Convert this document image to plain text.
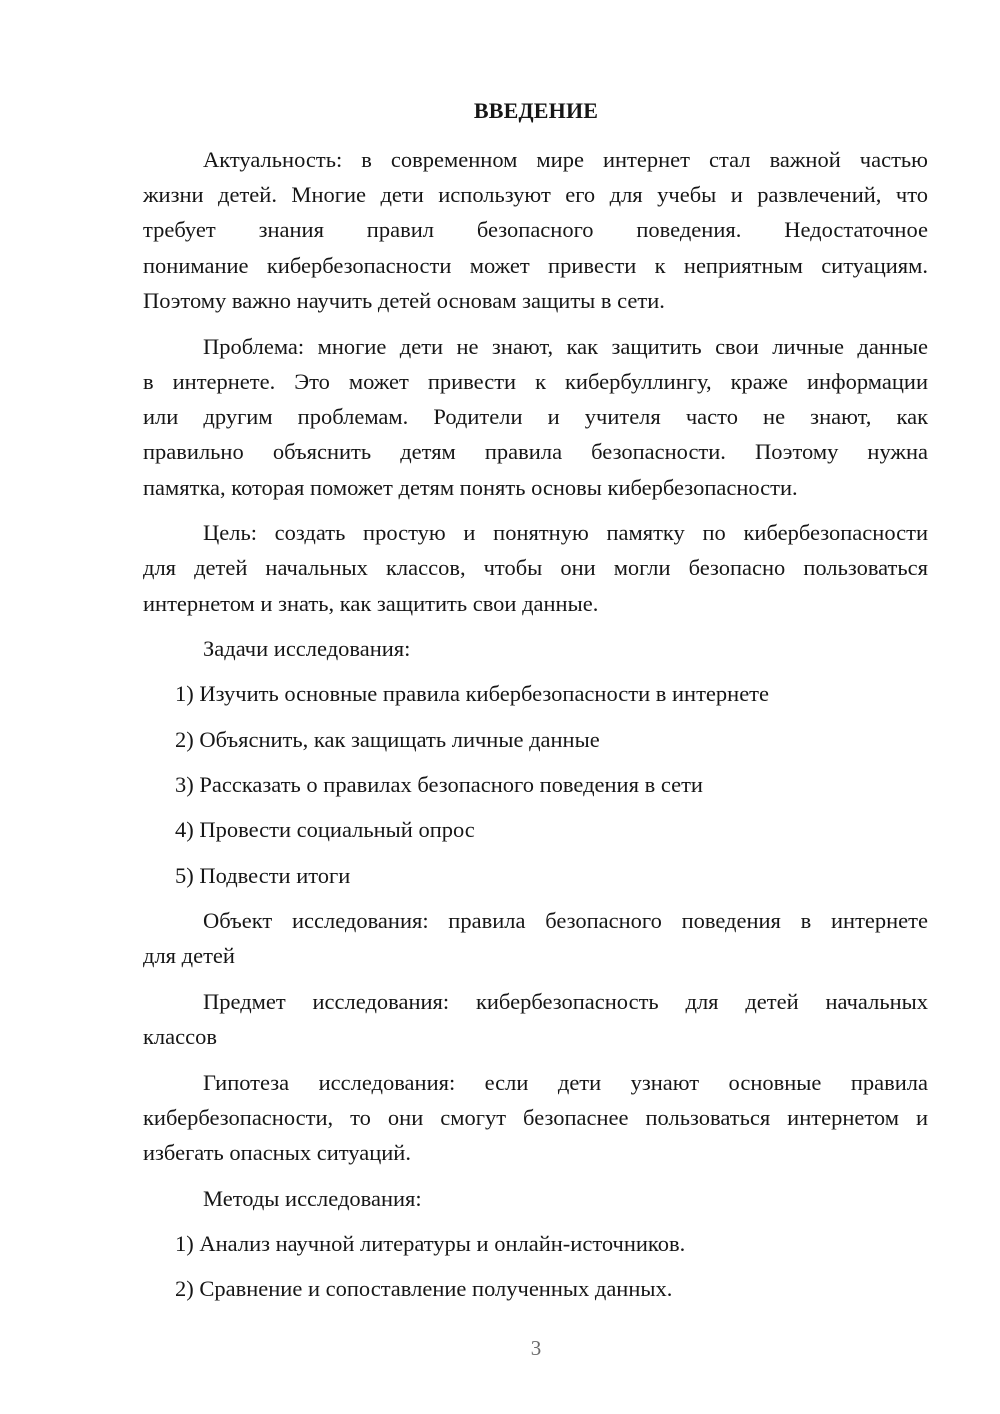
ВВЕДЕНИЕ
Актуальность: в современном мире интернет стал важной частью
жизни детей. Многие дети используют его для учебы и развлечений, что
требует знания правил безопасного поведения. Недостаточное
понимание кибербезопасности может привести к неприятным ситуациям.
Поэтому важно научить детей основам защиты в сети.
Проблема: многие дети не знают, как защитить свои личные данные
в интернете. Это может привести к кибербуллингу, краже информации
или другим проблемам. Родители и учителя часто не знают, как
правильно объяснить детям правила безопасности. Поэтому нужна
памятка, которая поможет детям понять основы кибербезопасности.
Цель: создать простую и понятную памятку по кибербезопасности
для детей начальных классов, чтобы они могли безопасно пользоваться
интернетом и знать, как защитить свои данные.
Задачи исследования:
1) Изучить основные правила кибербезопасности в интернете
2) Объяснить, как защищать личные данные
3) Рассказать о правилах безопасного поведения в сети
4) Провести социальный опрос
5) Подвести итоги
Объект исследования: правила безопасного поведения в интернете
для детей
Предмет исследования: кибербезопасность для детей начальных
классов
Гипотеза исследования: если дети узнают основные правила
кибербезопасности, то они смогут безопаснее пользоваться интернетом и
избегать опасных ситуаций.
Методы исследования:
1) Анализ научной литературы и онлайн-источников.
2) Сравнение и сопоставление полученных данных.
3
